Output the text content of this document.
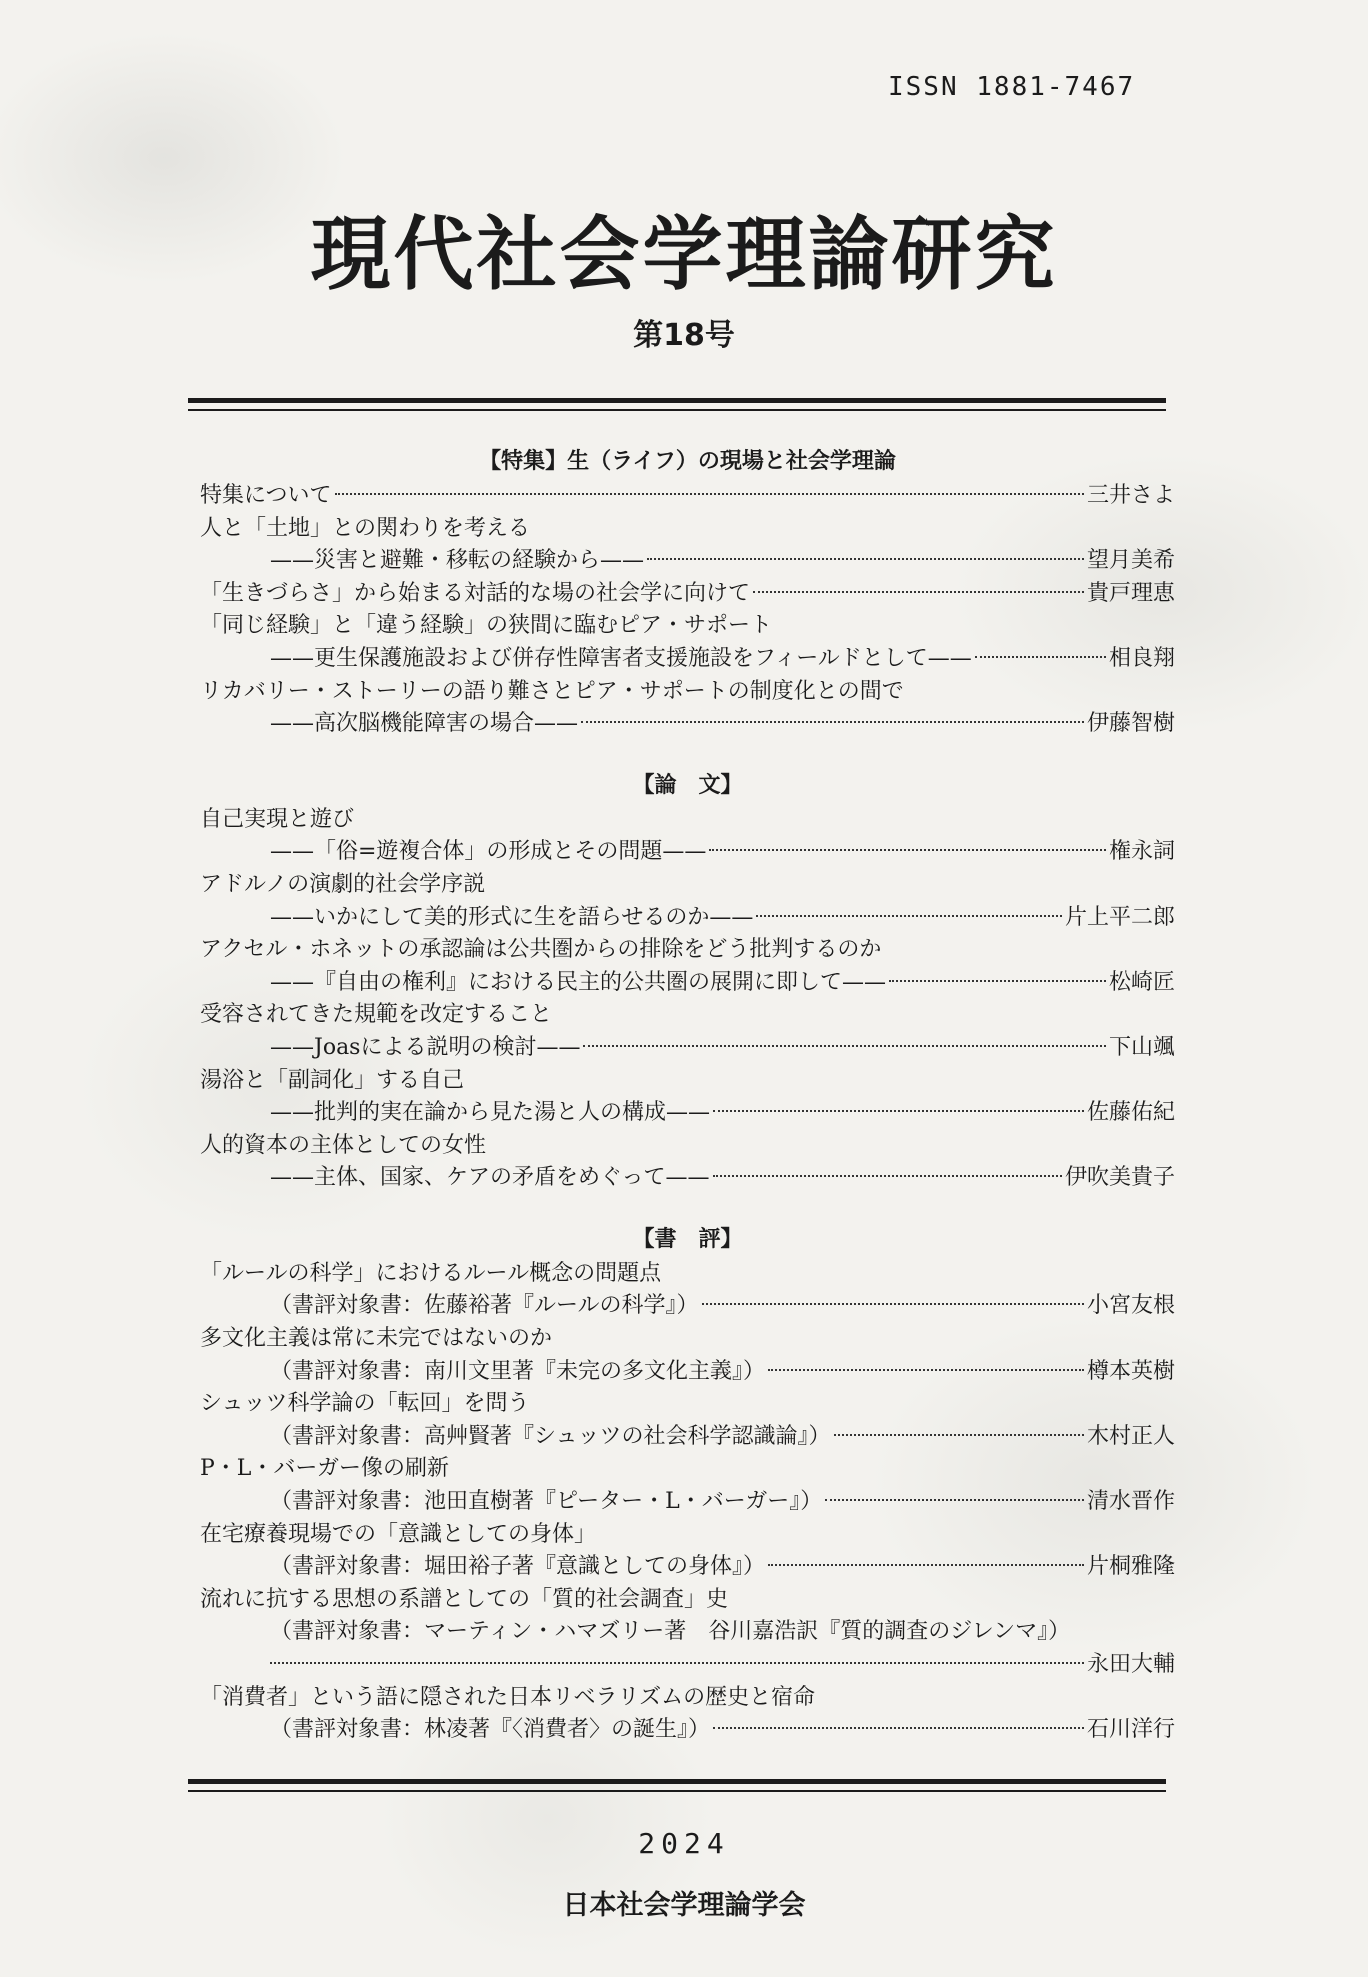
ISSN 1881-7467
現代社会学理論研究
第18号
【特集】生（ライフ）の現場と社会学理論
特集について	三井さよ
人と「土地」との関わりを考える
——災害と避難・移転の経験から——	望月美希
「生きづらさ」から始まる対話的な場の社会学に向けて	貴戸理恵
「同じ経験」と「違う経験」の狭間に臨むピア・サポート
——更生保護施設および併存性障害者支援施設をフィールドとして——	相良翔
リカバリー・ストーリーの語り難さとピア・サポートの制度化との間で
——高次脳機能障害の場合——	伊藤智樹
【論　文】
自己実現と遊び
——「俗=遊複合体」の形成とその問題——	権永詞
アドルノの演劇的社会学序説
——いかにして美的形式に生を語らせるのか——	片上平二郎
アクセル・ホネットの承認論は公共圏からの排除をどう批判するのか
——『自由の権利』における民主的公共圏の展開に即して——	松崎匠
受容されてきた規範を改定すること
——Joasによる説明の検討——	下山颯
湯浴と「副詞化」する自己
——批判的実在論から見た湯と人の構成——	佐藤佑紀
人的資本の主体としての女性
——主体、国家、ケアの矛盾をめぐって——	伊吹美貴子
【書　評】
「ルールの科学」におけるルール概念の問題点
（書評対象書：佐藤裕著『ルールの科学』）	小宮友根
多文化主義は常に未完ではないのか
（書評対象書：南川文里著『未完の多文化主義』）	樽本英樹
シュッツ科学論の「転回」を問う
（書評対象書：高艸賢著『シュッツの社会科学認識論』）	木村正人
P・L・バーガー像の刷新
（書評対象書：池田直樹著『ピーター・L・バーガー』）	清水晋作
在宅療養現場での「意識としての身体」
（書評対象書：堀田裕子著『意識としての身体』）	片桐雅隆
流れに抗する思想の系譜としての「質的社会調査」史
（書評対象書：マーティン・ハマズリー著　谷川嘉浩訳『質的調査のジレンマ』）
永田大輔
「消費者」という語に隠された日本リベラリズムの歴史と宿命
（書評対象書：林凌著『〈消費者〉の誕生』）	石川洋行
2024
日本社会学理論学会
